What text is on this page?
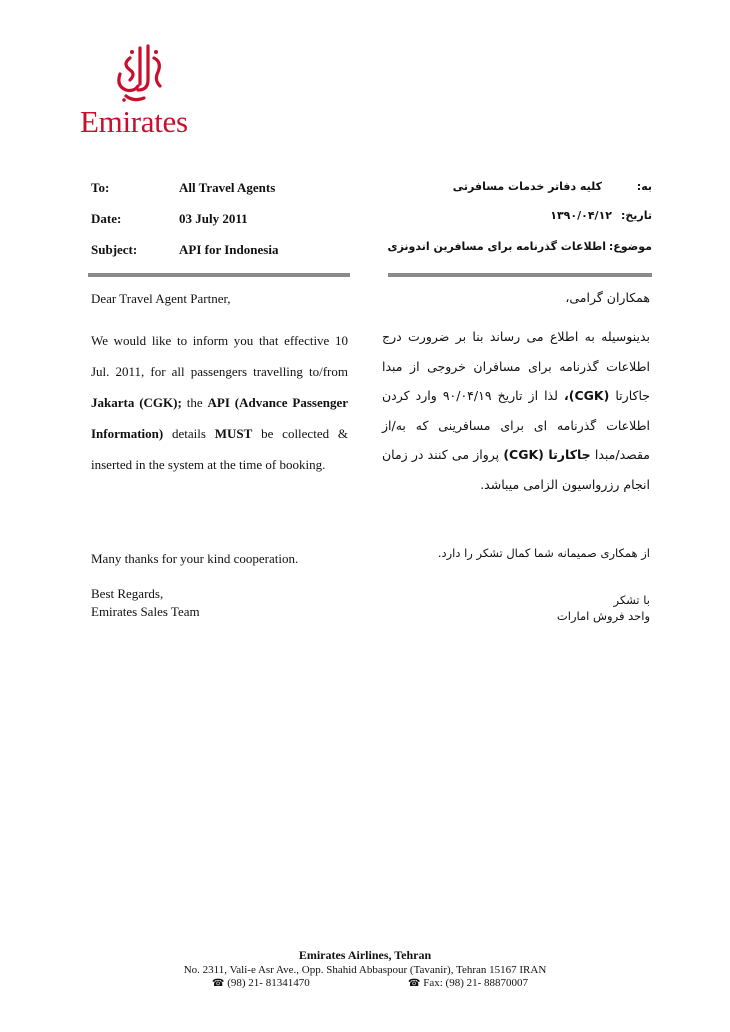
Emirates
To:	All Travel Agents
Date:	03 July 2011
Subject:	API for Indonesia
به:
کلیه دفاتر خدمات مسافرتی
تاریخ:
۱۳۹۰/۰۴/۱۲
موضوع:
اطلاعات گذرنامه برای مسافرین اندونزی
Dear Travel Agent Partner,

We would like to inform you that effective 10 Jul. 2011, for all passengers travelling to/from Jakarta (CGK); the API (Advance Passenger Information) details MUST be collected & inserted in the system at the time of booking.

Many thanks for your kind cooperation.
Best Regards,
Emirates Sales Team
همکاران گرامی،

بدینوسیله به اطلاع می رساند بنا بر ضرورت درج اطلاعات گذرنامه برای مسافران خروجی از مبدا جاکارتا (CGK)، لذا از تاریخ ۹۰/۰۴/۱۹ وارد کردن اطلاعات گذرنامه ای برای مسافرینی که به/از مقصد/مبدا جاکارتا (CGK) پرواز می کنند در زمان انجام رزرواسیون الزامی میباشد.

از همکاری صمیمانه شما کمال تشکر را دارد.
با تشکر
واحد فروش امارات
Emirates Airlines, Tehran
No. 2311, Vali-e Asr Ave., Opp. Shahid Abbaspour (Tavanir), Tehran 15167 IRAN
☎ (98) 21- 81341470	☎ Fax: (98) 21- 88870007
